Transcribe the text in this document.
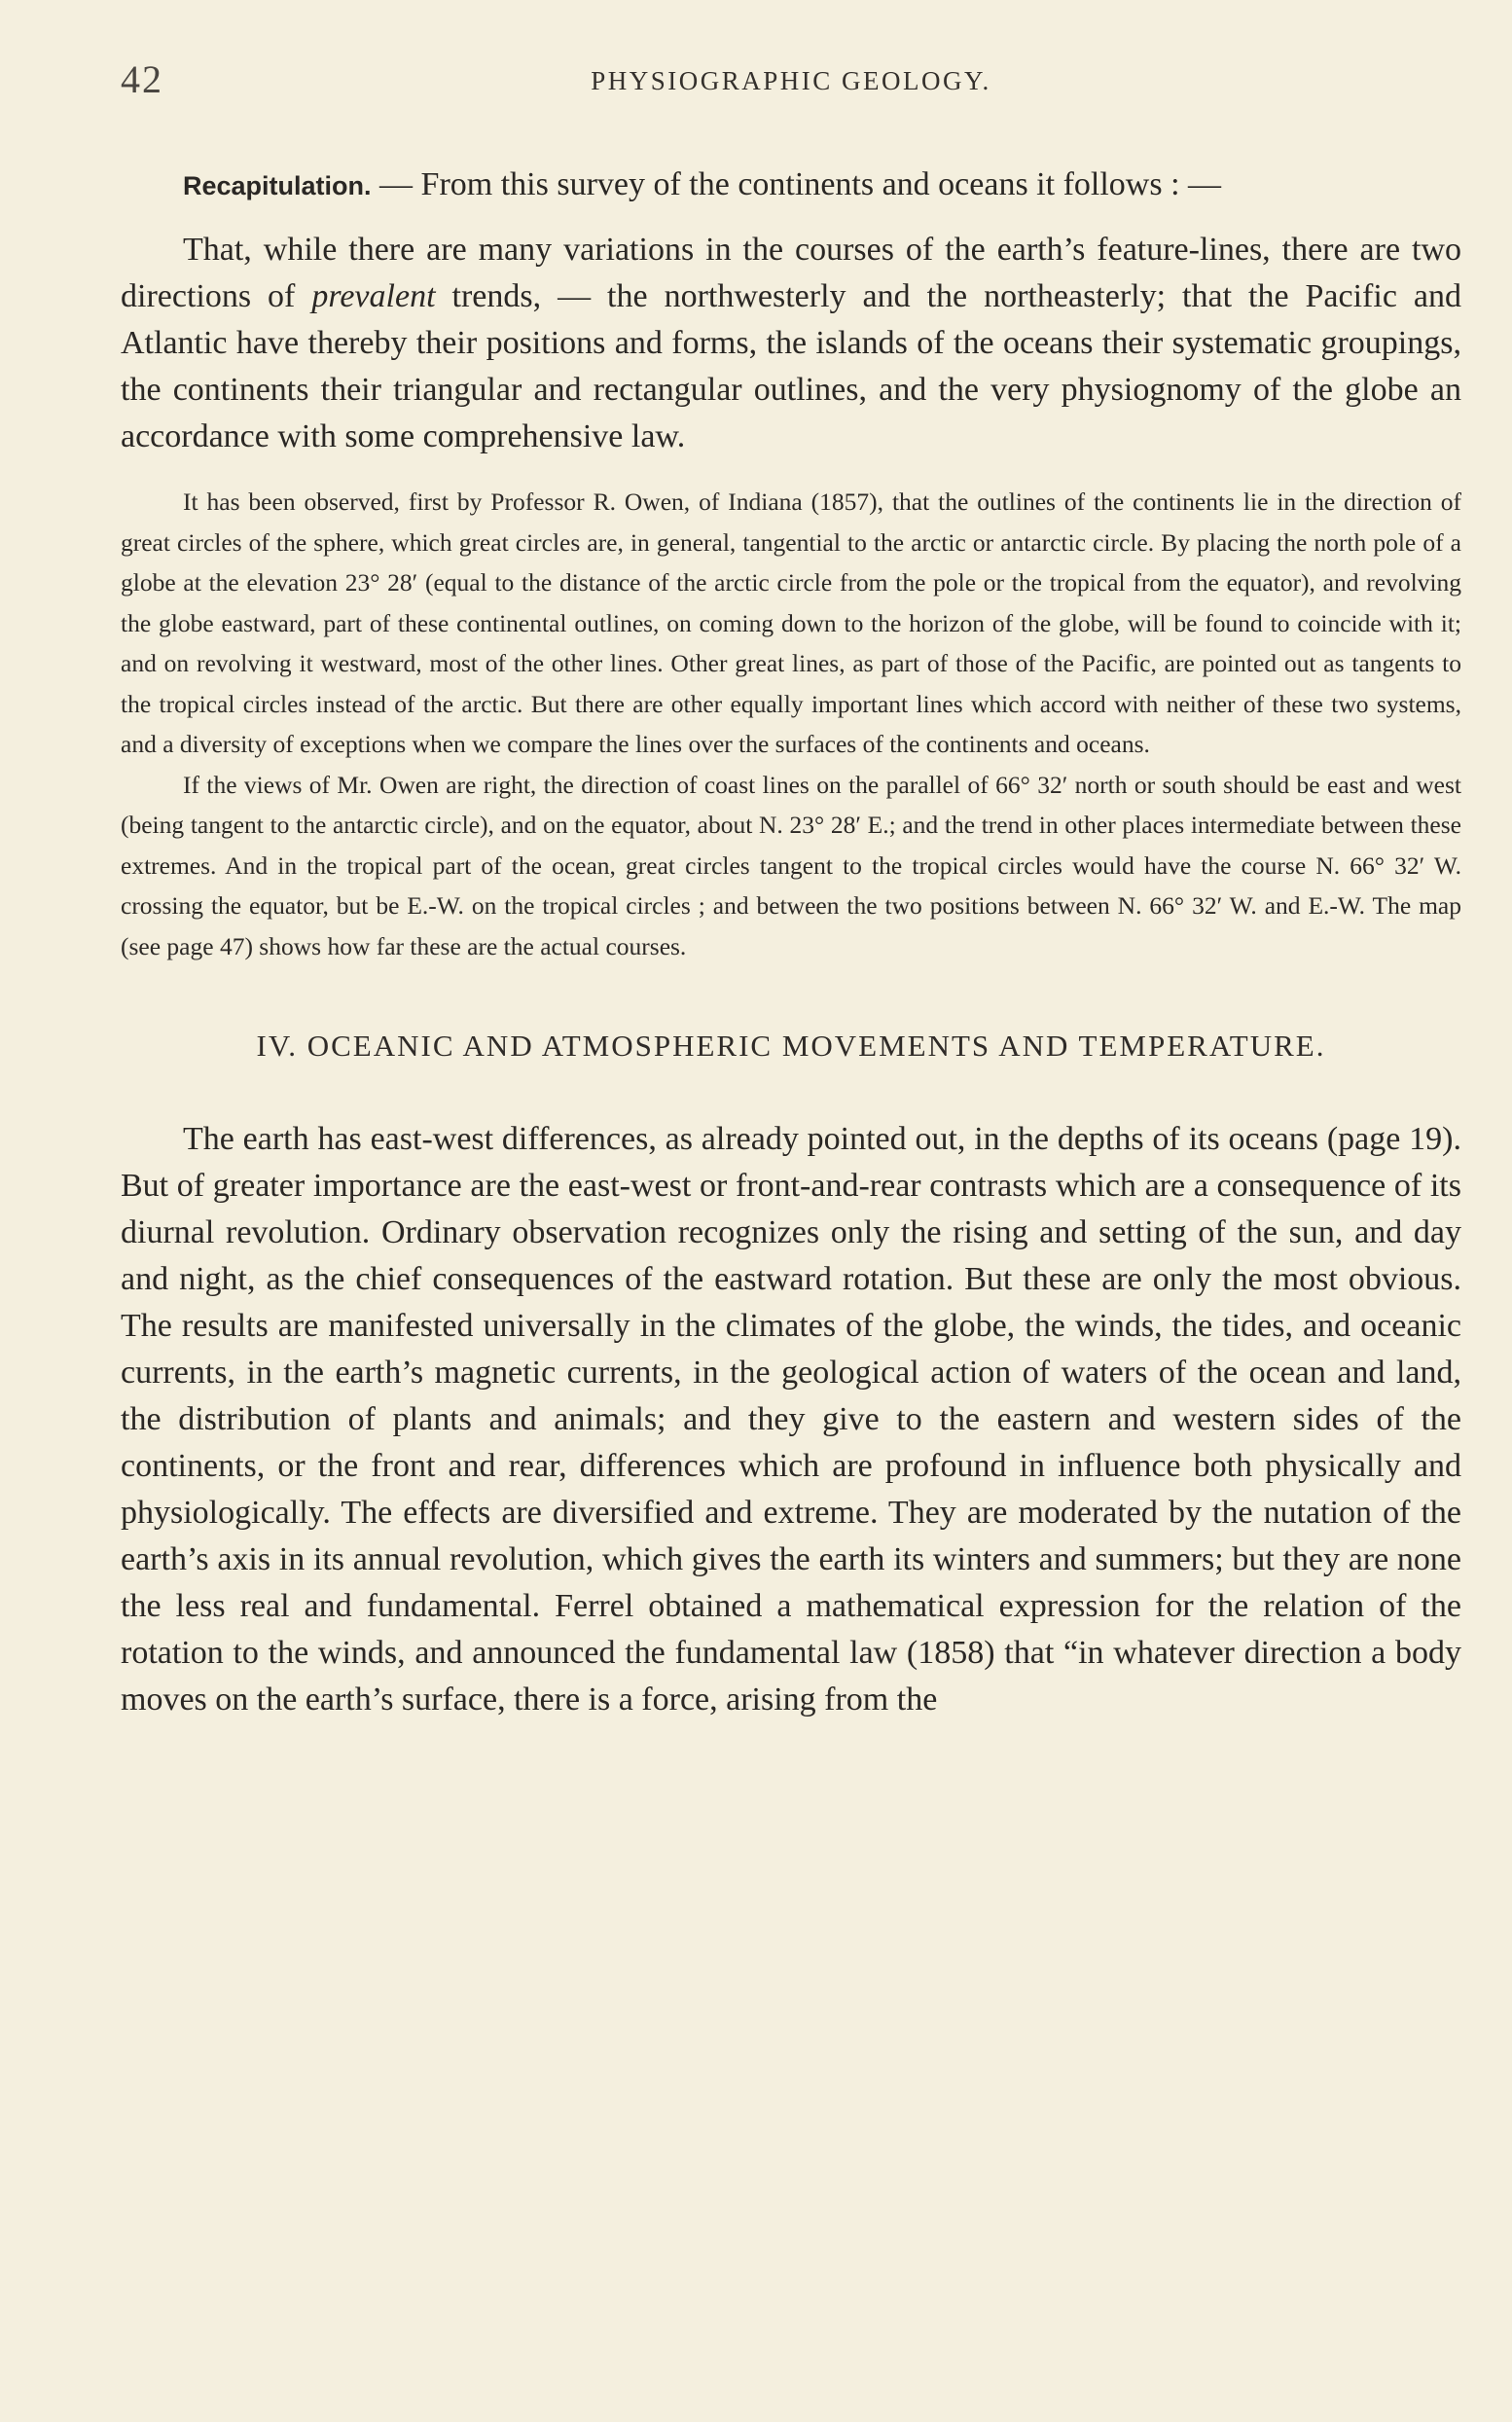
42	PHYSIOGRAPHIC GEOLOGY.

Recapitulation. — From this survey of the continents and oceans it follows : —

That, while there are many variations in the courses of the earth’s feature-lines, there are two directions of prevalent trends, — the northwesterly and the northeasterly; that the Pacific and Atlantic have thereby their positions and forms, the islands of the oceans their systematic groupings, the continents their triangular and rectangular outlines, and the very physiognomy of the globe an accordance with some comprehensive law.

It has been observed, first by Professor R. Owen, of Indiana (1857), that the outlines of the continents lie in the direction of great circles of the sphere, which great circles are, in general, tangential to the arctic or antarctic circle. By placing the north pole of a globe at the elevation 23° 28′ (equal to the distance of the arctic circle from the pole or the tropical from the equator), and revolving the globe eastward, part of these continental outlines, on coming down to the horizon of the globe, will be found to coincide with it; and on revolving it westward, most of the other lines. Other great lines, as part of those of the Pacific, are pointed out as tangents to the tropical circles instead of the arctic. But there are other equally important lines which accord with neither of these two systems, and a diversity of exceptions when we compare the lines over the surfaces of the continents and oceans.

If the views of Mr. Owen are right, the direction of coast lines on the parallel of 66° 32′ north or south should be east and west (being tangent to the antarctic circle), and on the equator, about N. 23° 28′ E.; and the trend in other places intermediate between these extremes. And in the tropical part of the ocean, great circles tangent to the tropical circles would have the course N. 66° 32′ W. crossing the equator, but be E.-W. on the tropical circles ; and between the two positions between N. 66° 32′ W. and E.-W. The map (see page 47) shows how far these are the actual courses.

IV. OCEANIC AND ATMOSPHERIC MOVEMENTS AND TEMPERATURE.

The earth has east-west differences, as already pointed out, in the depths of its oceans (page 19). But of greater importance are the east-west or front-and-rear contrasts which are a consequence of its diurnal revolution. Ordinary observation recognizes only the rising and setting of the sun, and day and night, as the chief consequences of the eastward rotation. But these are only the most obvious. The results are manifested universally in the climates of the globe, the winds, the tides, and oceanic currents, in the earth’s magnetic currents, in the geological action of waters of the ocean and land, the distribution of plants and animals; and they give to the eastern and western sides of the continents, or the front and rear, differences which are profound in influence both physically and physiologically. The effects are diversified and extreme. They are moderated by the nutation of the earth’s axis in its annual revolution, which gives the earth its winters and summers; but they are none the less real and fundamental. Ferrel obtained a mathematical expression for the relation of the rotation to the winds, and announced the fundamental law (1858) that “in whatever direction a body moves on the earth’s surface, there is a force, arising from the
